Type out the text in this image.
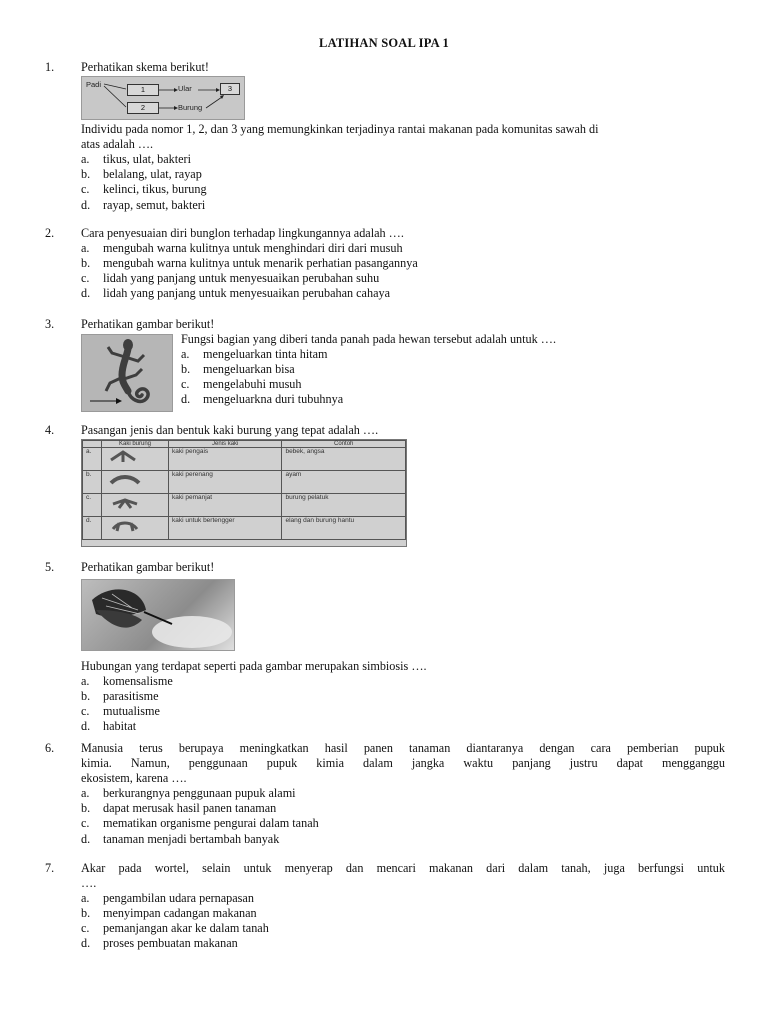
LATIHAN SOAL IPA 1
1. Perhatikan skema berikut!
Padi
1	Ular	3
2	Burung
Individu pada nomor 1, 2, dan 3 yang memungkinkan terjadinya rantai makanan pada komunitas sawah di
atas adalah ….
a. tikus, ulat, bakteri
b. belalang, ulat, rayap
c. kelinci, tikus, burung
d. rayap, semut, bakteri
2. Cara penyesuaian diri bunglon terhadap lingkungannya adalah ….
a. mengubah warna kulitnya untuk menghindari diri dari musuh
b. mengubah warna kulitnya untuk menarik perhatian pasangannya
c. lidah yang panjang untuk menyesuaikan perubahan suhu
d. lidah yang panjang untuk menyesuaikan perubahan cahaya
3. Perhatikan gambar berikut!
Fungsi bagian yang diberi tanda panah pada hewan tersebut adalah untuk ….
a. mengeluarkan tinta hitam
b. mengeluarkan bisa
c. mengelabuhi musuh
d. mengeluarkna duri tubuhnya
4. Pasangan jenis dan bentuk kaki burung yang tepat adalah ….
	Kaki burung	Jenis kaki	Contoh
a.		kaki pengais	bebek, angsa
b.		kaki perenang	ayam
c.		kaki pemanjat	burung pelatuk
d.		kaki untuk bertengger	elang dan burung hantu
5. Perhatikan gambar berikut!
Hubungan yang terdapat seperti pada gambar merupakan simbiosis ….
a. komensalisme
b. parasitisme
c. mutualisme
d. habitat
6. Manusia terus berupaya meningkatkan hasil panen tanaman diantaranya dengan cara pemberian pupuk
kimia. Namun, penggunaan pupuk kimia dalam jangka waktu panjang justru dapat mengganggu
ekosistem, karena ….
a. berkurangnya penggunaan pupuk alami
b. dapat merusak hasil panen tanaman
c. mematikan organisme pengurai dalam tanah
d. tanaman menjadi bertambah banyak
7. Akar pada wortel, selain untuk menyerap dan mencari makanan dari dalam tanah, juga berfungsi untuk
….
a. pengambilan udara pernapasan
b. menyimpan cadangan makanan
c. pemanjangan akar ke dalam tanah
d. proses pembuatan makanan
